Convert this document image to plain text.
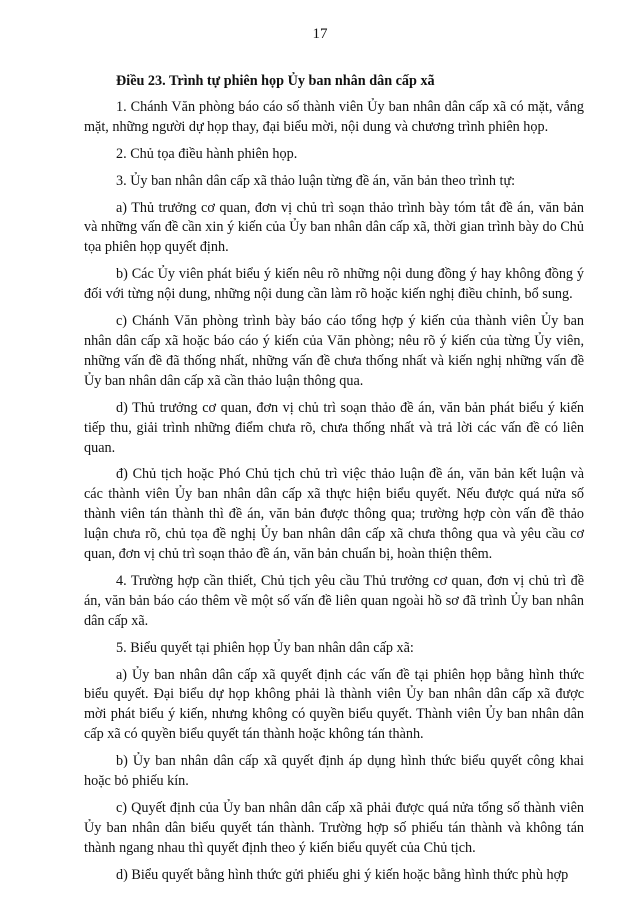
17

Điều 23. Trình tự phiên họp Ủy ban nhân dân cấp xã

1. Chánh Văn phòng báo cáo số thành viên Ủy ban nhân dân cấp xã có mặt, vắng mặt, những người dự họp thay, đại biểu mời, nội dung và chương trình phiên họp.

2. Chủ tọa điều hành phiên họp.

3. Ủy ban nhân dân cấp xã thảo luận từng đề án, văn bản theo trình tự:

a) Thủ trưởng cơ quan, đơn vị chủ trì soạn thảo trình bày tóm tắt đề án, văn bản và những vấn đề cần xin ý kiến của Ủy ban nhân dân cấp xã, thời gian trình bày do Chủ tọa phiên họp quyết định.

b) Các Ủy viên phát biểu ý kiến nêu rõ những nội dung đồng ý hay không đồng ý đối với từng nội dung, những nội dung cần làm rõ hoặc kiến nghị điều chỉnh, bổ sung.

c) Chánh Văn phòng trình bày báo cáo tổng hợp ý kiến của thành viên Ủy ban nhân dân cấp xã hoặc báo cáo ý kiến của Văn phòng; nêu rõ ý kiến của từng Ủy viên, những vấn đề đã thống nhất, những vấn đề chưa thống nhất và kiến nghị những vấn đề Ủy ban nhân dân cấp xã cần thảo luận thông qua.

d) Thủ trưởng cơ quan, đơn vị chủ trì soạn thảo đề án, văn bản phát biểu ý kiến tiếp thu, giải trình những điểm chưa rõ, chưa thống nhất và trả lời các vấn đề có liên quan.

đ) Chủ tịch hoặc Phó Chủ tịch chủ trì việc thảo luận đề án, văn bản kết luận và các thành viên Ủy ban nhân dân cấp xã thực hiện biểu quyết. Nếu được quá nửa số thành viên tán thành thì đề án, văn bản được thông qua; trường hợp còn vấn đề thảo luận chưa rõ, chủ tọa đề nghị Ủy ban nhân dân cấp xã chưa thông qua và yêu cầu cơ quan, đơn vị chủ trì soạn thảo đề án, văn bản chuẩn bị, hoàn thiện thêm.

4. Trường hợp cần thiết, Chủ tịch yêu cầu Thủ trưởng cơ quan, đơn vị chủ trì đề án, văn bản báo cáo thêm về một số vấn đề liên quan ngoài hồ sơ đã trình Ủy ban nhân dân cấp xã.

5. Biểu quyết tại phiên họp Ủy ban nhân dân cấp xã:

a) Ủy ban nhân dân cấp xã quyết định các vấn đề tại phiên họp bằng hình thức biểu quyết. Đại biểu dự họp không phải là thành viên Ủy ban nhân dân cấp xã được mời phát biểu ý kiến, nhưng không có quyền biểu quyết. Thành viên Ủy ban nhân dân cấp xã có quyền biểu quyết tán thành hoặc không tán thành.

b) Ủy ban nhân dân cấp xã quyết định áp dụng hình thức biểu quyết công khai hoặc bỏ phiếu kín.

c) Quyết định của Ủy ban nhân dân cấp xã phải được quá nửa tổng số thành viên Ủy ban nhân dân biểu quyết tán thành. Trường hợp số phiếu tán thành và không tán thành ngang nhau thì quyết định theo ý kiến biểu quyết của Chủ tịch.

d) Biểu quyết bằng hình thức gửi phiếu ghi ý kiến hoặc bằng hình thức phù hợp
